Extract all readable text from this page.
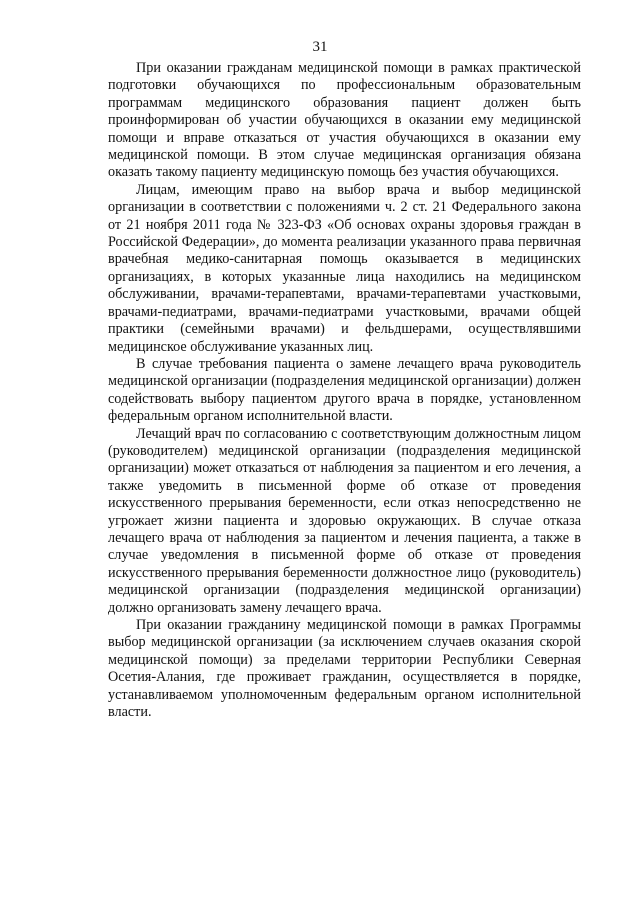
31

При оказании гражданам медицинской помощи в рамках практической подготовки обучающихся по профессиональным образовательным программам медицинского образования пациент должен быть проинформирован об участии обучающихся в оказании ему медицинской помощи и вправе отказаться от участия обучающихся в оказании ему медицинской помощи. В этом случае медицинская организация обязана оказать такому пациенту медицинскую помощь без участия обучающихся.

Лицам, имеющим право на выбор врача и выбор медицинской организации в соответствии с положениями ч. 2 ст. 21 Федерального закона от 21 ноября 2011 года № 323-ФЗ «Об основах охраны здоровья граждан в Российской Федерации», до момента реализации указанного права первичная врачебная медико-санитарная помощь оказывается в медицинских организациях, в которых указанные лица находились на медицинском обслуживании, врачами-терапевтами, врачами-терапевтами участковыми, врачами-педиатрами, врачами-педиатрами участковыми, врачами общей практики (семейными врачами) и фельдшерами, осуществлявшими медицинское обслуживание указанных лиц.

В случае требования пациента о замене лечащего врача руководитель медицинской организации (подразделения медицинской организации) должен содействовать выбору пациентом другого врача в порядке, установленном федеральным органом исполнительной власти.

Лечащий врач по согласованию с соответствующим должностным лицом (руководителем) медицинской организации (подразделения медицинской организации) может отказаться от наблюдения за пациентом и его лечения, а также уведомить в письменной форме об отказе от проведения искусственного прерывания беременности, если отказ непосредственно не угрожает жизни пациента и здоровью окружающих. В случае отказа лечащего врача от наблюдения за пациентом и лечения пациента, а также в случае уведомления в письменной форме об отказе от проведения искусственного прерывания беременности должностное лицо (руководитель) медицинской организации (подразделения медицинской организации) должно организовать замену лечащего врача.

При оказании гражданину медицинской помощи в рамках Программы выбор медицинской организации (за исключением случаев оказания скорой медицинской помощи) за пределами территории Республики Северная Осетия-Алания, где проживает гражданин, осуществляется в порядке, устанавливаемом уполномоченным федеральным органом исполнительной власти.
